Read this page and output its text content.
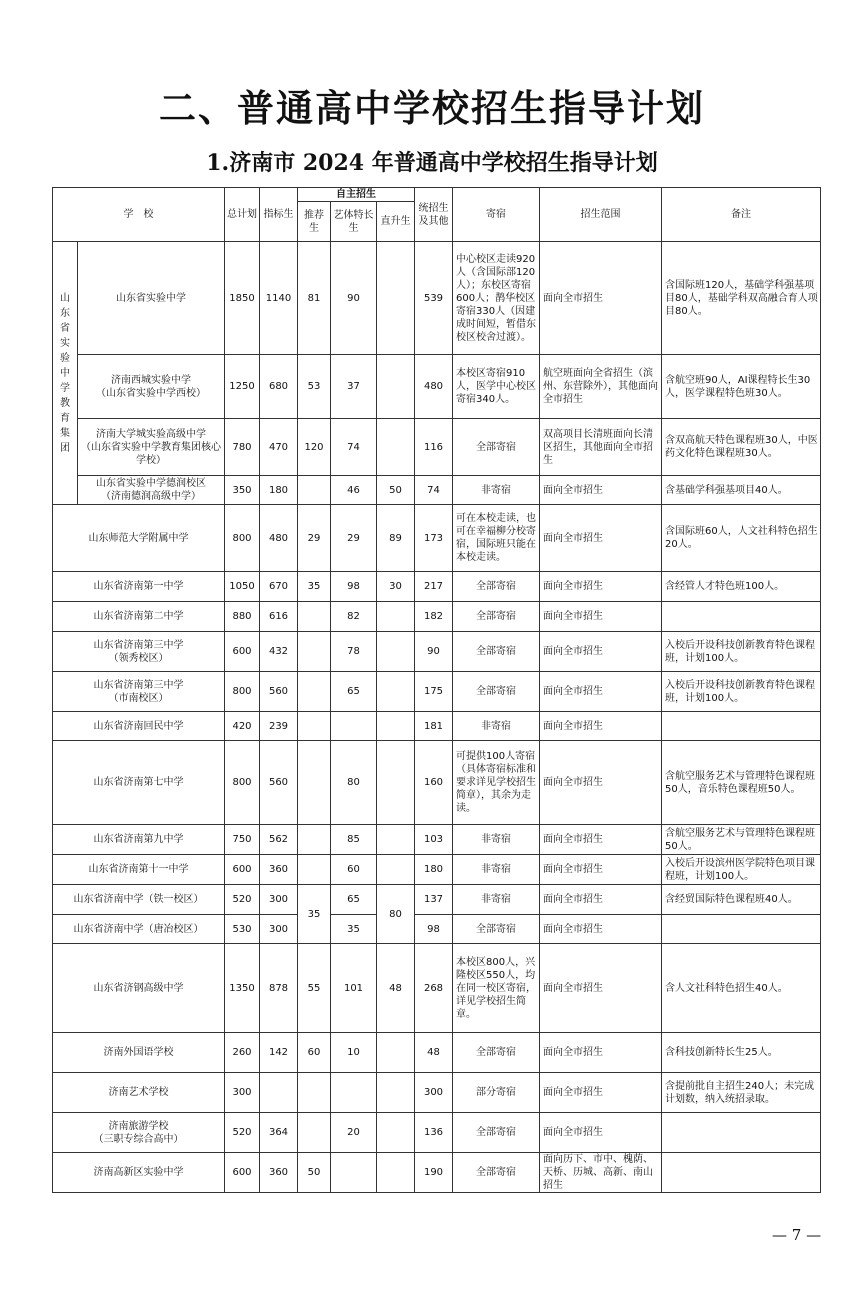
二、普通高中学校招生指导计划
1.济南市 2024 年普通高中学校招生指导计划
学　校		总计划	指标生	自主招生			统招生及其他	寄宿	招生范围	备注
				推荐生	艺体特长生	直升生				
山东省实验中学教育集团	山东省实验中学	1850	1140	81	90		539	中心校区走读920人（含国际部120人）；东校区寄宿600人；鹊华校区寄宿330人（因建成时间短，暂借东校区校舍过渡）。	面向全市招生	含国际班120人，基础学科强基项目80人，基础学科双高融合育人项目80人。
	济南西城实验中学
（山东省实验中学西校）	1250	680	53	37		480	本校区寄宿910人，医学中心校区寄宿340人。	航空班面向全省招生（滨州、东营除外），其他面向全市招生	含航空班90人，AI课程特长生30人，医学课程特色班30人。
	济南大学城实验高级中学
（山东省实验中学教育集团核心学校）	780	470	120	74		116	全部寄宿	双高项目长清班面向长清区招生，其他面向全市招生	含双高航天特色课程班30人，中医药文化特色课程班30人。
	山东省实验中学德润校区
（济南德润高级中学）	350	180		46	50	74	非寄宿	面向全市招生	含基础学科强基项目40人。
山东师范大学附属中学		800	480	29	29	89	173	可在本校走读，也可在幸福柳分校寄宿，国际班只能在本校走读。	面向全市招生	含国际班60人，人文社科特色招生20人。
山东省济南第一中学		1050	670	35	98	30	217	全部寄宿	面向全市招生	含经管人才特色班100人。
山东省济南第二中学		880	616		82		182	全部寄宿	面向全市招生	
山东省济南第三中学
（领秀校区）		600	432		78		90	全部寄宿	面向全市招生	入校后开设科技创新教育特色课程班，计划100人。
山东省济南第三中学
（市南校区）		800	560		65		175	全部寄宿	面向全市招生	入校后开设科技创新教育特色课程班，计划100人。
山东省济南回民中学		420	239				181	非寄宿	面向全市招生	
山东省济南第七中学		800	560		80		160	可提供100人寄宿（具体寄宿标准和要求详见学校招生简章），其余为走读。	面向全市招生	含航空服务艺术与管理特色课程班50人，音乐特色课程班50人。
山东省济南第九中学		750	562		85		103	非寄宿	面向全市招生	含航空服务艺术与管理特色课程班50人。
山东省济南第十一中学		600	360		60		180	非寄宿	面向全市招生	入校后开设滨州医学院特色项目课程班，计划100人。
山东省济南中学（铁一校区）		520	300	35	65	80	137	非寄宿	面向全市招生	含经贸国际特色课程班40人。
山东省济南中学（唐冶校区）		530	300		35		98	全部寄宿	面向全市招生	
山东省济钢高级中学		1350	878	55	101	48	268	本校区800人，兴隆校区550人，均在同一校区寄宿，详见学校招生简章。	面向全市招生	含人文社科特色招生40人。
济南外国语学校		260	142	60	10		48	全部寄宿	面向全市招生	含科技创新特长生25人。
济南艺术学校		300					300	部分寄宿	面向全市招生	含提前批自主招生240人；未完成计划数，纳入统招录取。
济南旅游学校
（三职专综合高中）		520	364		20		136	全部寄宿	面向全市招生	
济南高新区实验中学		600	360	50			190	全部寄宿	面向历下、市中、槐荫、天桥、历城、高新、南山招生	
— 7 —
